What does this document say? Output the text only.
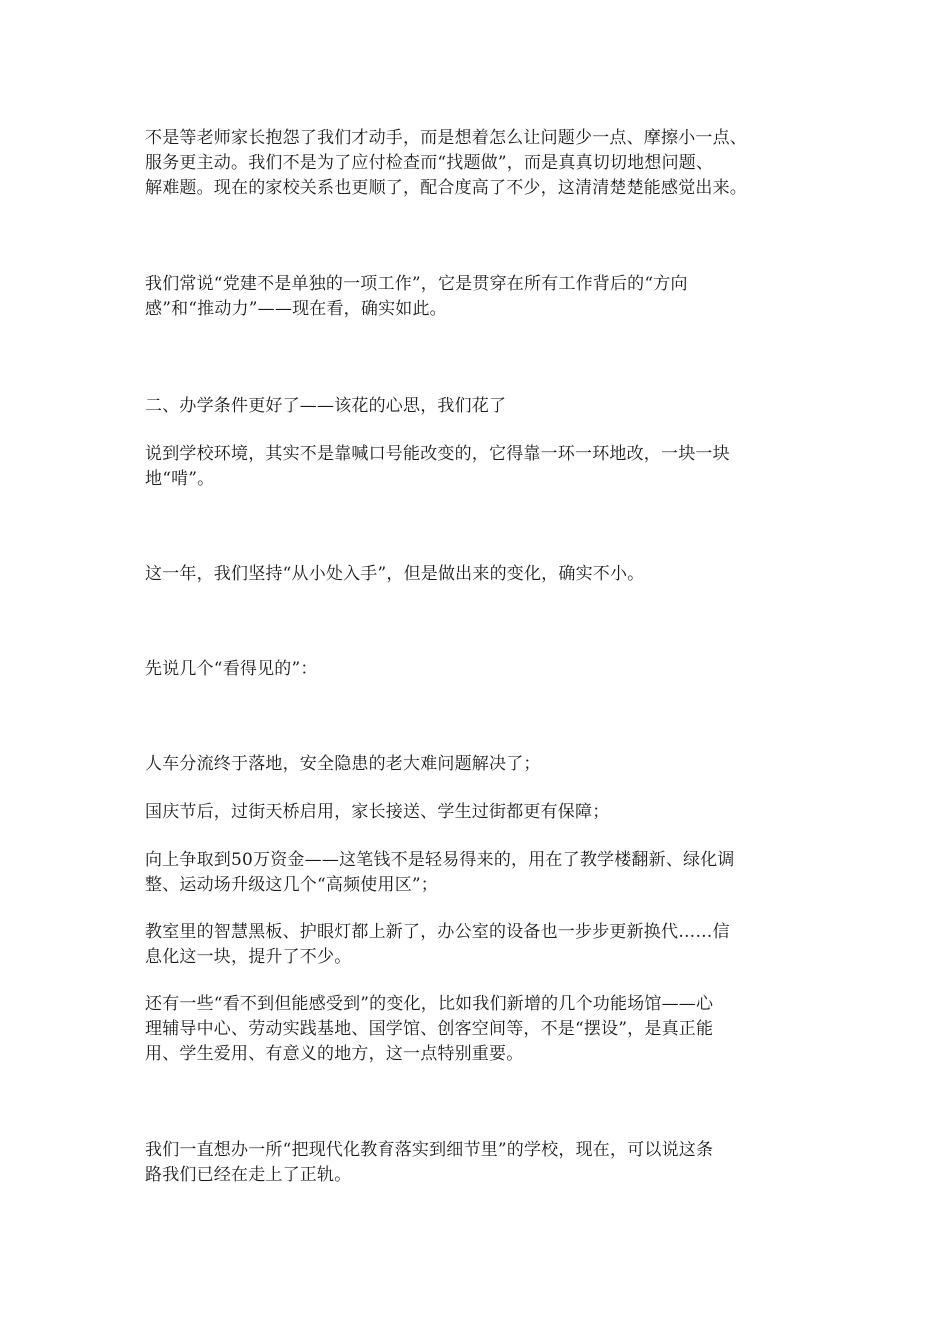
不是等老师家长抱怨了我们才动手，而是想着怎么让问题少一点、摩擦小一点、
服务更主动。我们不是为了应付检查而“找题做”，而是真真切切地想问题、
解难题。现在的家校关系也更顺了，配合度高了不少，这清清楚楚能感觉出来。

我们常说“党建不是单独的一项工作”，它是贯穿在所有工作背后的“方向
感”和“推动力”——现在看，确实如此。

二、办学条件更好了——该花的心思，我们花了

说到学校环境，其实不是靠喊口号能改变的，它得靠一环一环地改，一块一块
地“啃”。

这一年，我们坚持“从小处入手”，但是做出来的变化，确实不小。

先说几个“看得见的”：

人车分流终于落地，安全隐患的老大难问题解决了；

国庆节后，过街天桥启用，家长接送、学生过街都更有保障；

向上争取到50万资金——这笔钱不是轻易得来的，用在了教学楼翻新、绿化调
整、运动场升级这几个“高频使用区”；

教室里的智慧黑板、护眼灯都上新了，办公室的设备也一步步更新换代……信
息化这一块，提升了不少。

还有一些“看不到但能感受到”的变化，比如我们新增的几个功能场馆——心
理辅导中心、劳动实践基地、国学馆、创客空间等，不是“摆设”，是真正能
用、学生爱用、有意义的地方，这一点特别重要。

我们一直想办一所“把现代化教育落实到细节里”的学校，现在，可以说这条
路我们已经在走上了正轨。
